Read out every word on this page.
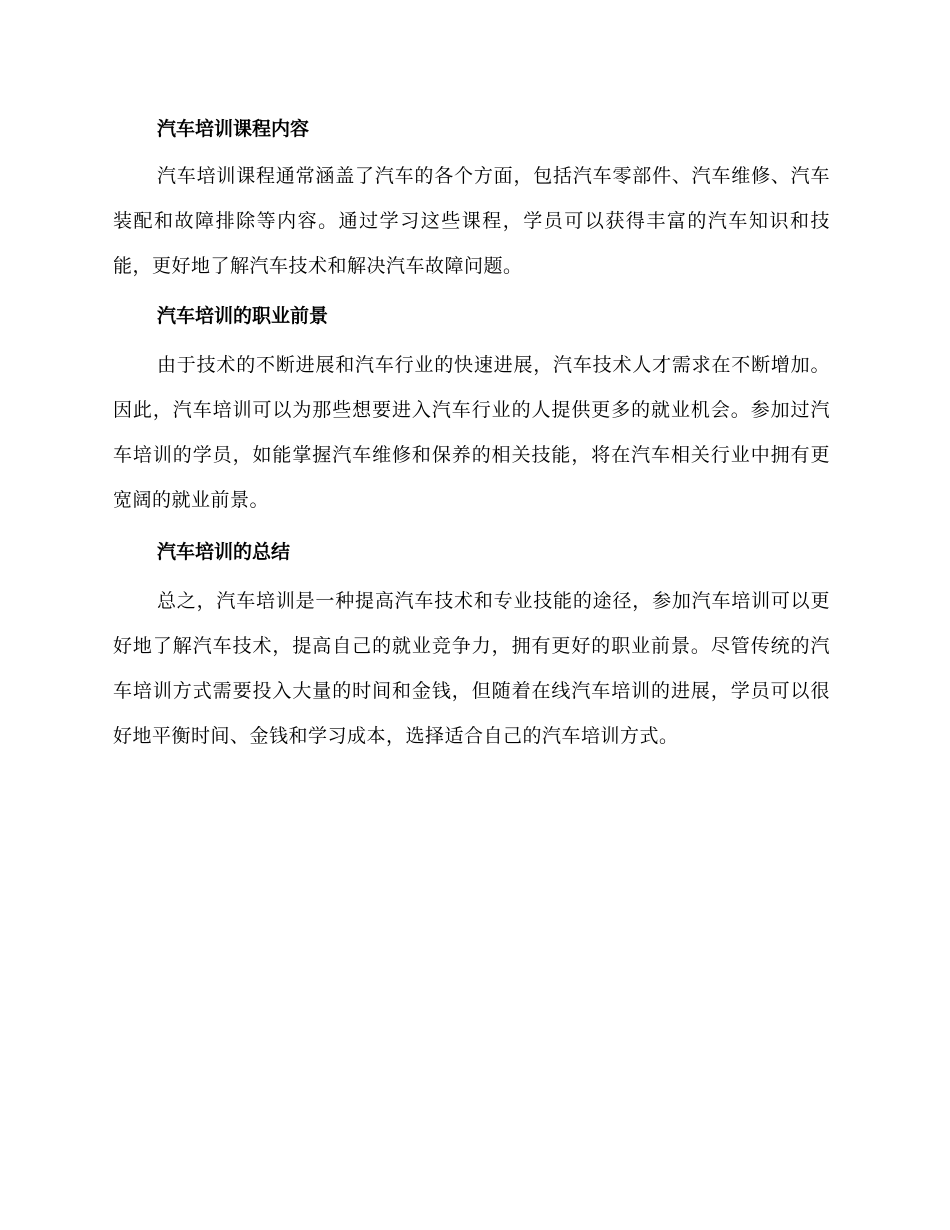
汽车培训课程内容

汽车培训课程通常涵盖了汽车的各个方面，包括汽车零部件、汽车维修、汽车装配和故障排除等内容。通过学习这些课程，学员可以获得丰富的汽车知识和技能，更好地了解汽车技术和解决汽车故障问题。

汽车培训的职业前景

由于技术的不断进展和汽车行业的快速进展，汽车技术人才需求在不断增加。因此，汽车培训可以为那些想要进入汽车行业的人提供更多的就业机会。参加过汽车培训的学员，如能掌握汽车维修和保养的相关技能，将在汽车相关行业中拥有更宽阔的就业前景。

汽车培训的总结

总之，汽车培训是一种提高汽车技术和专业技能的途径，参加汽车培训可以更好地了解汽车技术，提高自己的就业竞争力，拥有更好的职业前景。尽管传统的汽车培训方式需要投入大量的时间和金钱，但随着在线汽车培训的进展，学员可以很好地平衡时间、金钱和学习成本，选择适合自己的汽车培训方式。
